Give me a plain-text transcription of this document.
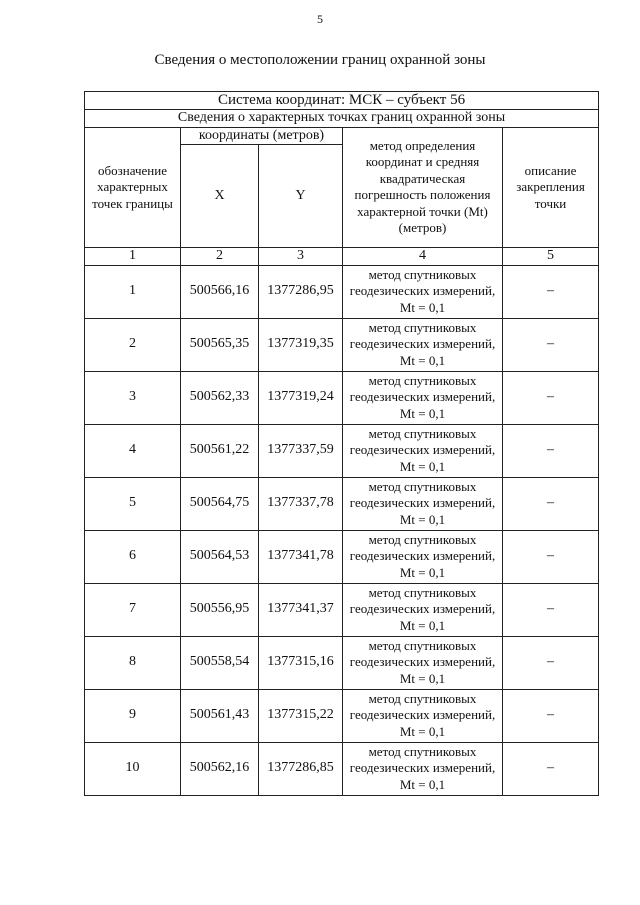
5
Сведения о местоположении границ охранной зоны
Система координат: МСК – субъект 56				
Сведения о характерных точках границ охранной зоны				
обозначение характерных точек границы	координаты (метров)		метод определения координат и средняя квадратическая погрешность положения характерной точки (Mt) (метров)	описание закрепления точки
	X	Y		
1	2	3	4	5
1	500566,16	1377286,95	метод спутниковых геодезических измерений, Mt = 0,1	–
2	500565,35	1377319,35	метод спутниковых геодезических измерений, Mt = 0,1	–
3	500562,33	1377319,24	метод спутниковых геодезических измерений, Mt = 0,1	–
4	500561,22	1377337,59	метод спутниковых геодезических измерений, Mt = 0,1	–
5	500564,75	1377337,78	метод спутниковых геодезических измерений, Mt = 0,1	–
6	500564,53	1377341,78	метод спутниковых геодезических измерений, Mt = 0,1	–
7	500556,95	1377341,37	метод спутниковых геодезических измерений, Mt = 0,1	–
8	500558,54	1377315,16	метод спутниковых геодезических измерений, Mt = 0,1	–
9	500561,43	1377315,22	метод спутниковых геодезических измерений, Mt = 0,1	–
10	500562,16	1377286,85	метод спутниковых геодезических измерений, Mt = 0,1	–
